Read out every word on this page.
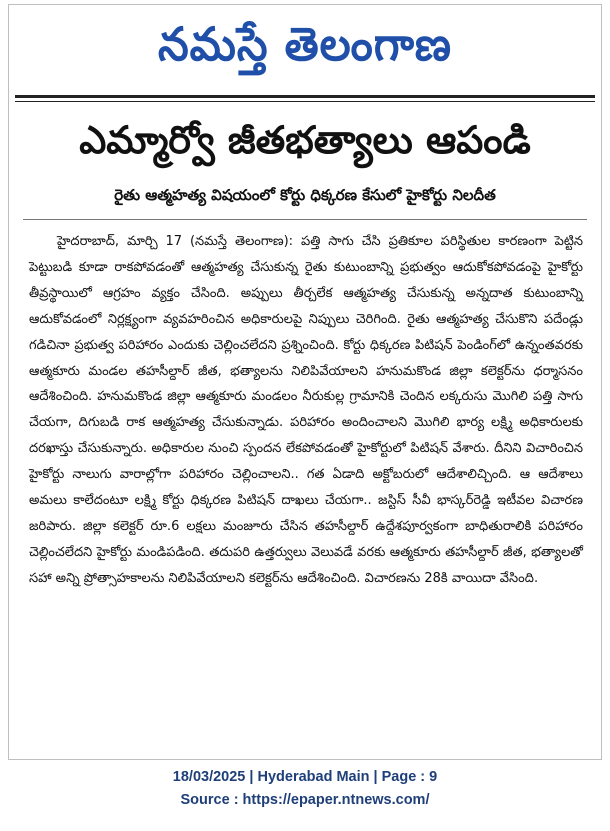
నమస్తే తెలంగాణ
ఎమ్మార్వో జీతభత్యాలు ఆపండి
రైతు ఆత్మహత్య విషయంలో కోర్టు ధిక్కరణ కేసులో హైకోర్టు నిలదీత

హైదరాబాద్‌, మార్చి 17 (నమస్తే తెలంగాణ): పత్తి సాగు చేసి ప్రతికూల పరిస్థితుల కారణంగా పెట్టిన పెట్టుబడి కూడా రాకపోవడంతో ఆత్మహత్య చేసుకున్న రైతు కుటుంబాన్ని ప్రభుత్వం ఆదుకోకపోవడంపై హైకోర్టు తీవ్రస్థాయిలో ఆగ్రహం వ్యక్తం చేసింది. అప్పులు తీర్చలేక ఆత్మహత్య చేసుకున్న అన్నదాత కుటుంబాన్ని ఆదుకోవడంలో నిర్లక్ష్యంగా వ్యవహరించిన అధికారులపై నిప్పులు చెరిగింది. రైతు ఆత్మహత్య చేసుకొని పదేండ్లు గడిచినా ప్రభుత్వ పరిహారం ఎందుకు చెల్లించలేదని ప్రశ్నించింది. కోర్టు ధిక్కరణ పిటిషన్‌ పెండింగ్‌లో ఉన్నంతవరకు ఆత్మకూరు మండల తహసీల్దార్‌ జీత, భత్యాలను నిలిపివేయాలని హనుమకొండ జిల్లా కలెక్టర్‌ను ధర్మాసనం ఆదేశించింది. హనుమకొండ జిల్లా ఆత్మకూరు మండలం నీరుకుల్ల గ్రామానికి చెందిన లక్కరుసు మొగిలి పత్తి సాగు చేయగా, దిగుబడి రాక ఆత్మహత్య చేసుకున్నాడు. పరిహారం అందించాలని మొగిలి భార్య లక్ష్మి అధికారులకు దరఖాస్తు చేసుకున్నారు. అధికారుల నుంచి స్పందన లేకపోవడంతో హైకోర్టులో పిటిషన్‌ వేశారు. దీనిని విచారించిన హైకోర్టు నాలుగు వారాల్లోగా పరిహారం చెల్లించాలని.. గత ఏడాది అక్టోబరులో ఆదేశాలిచ్చింది. ఆ ఆదేశాలు అమలు కాలేదంటూ లక్ష్మి కోర్టు ధిక్కరణ పిటిషన్‌ దాఖలు చేయగా.. జస్టిస్‌ సీవీ భాస్కర్‌రెడ్డి ఇటీవల విచారణ జరిపారు. జిల్లా కలెక్టర్‌ రూ.6 లక్షలు మంజూరు చేసిన తహసీల్దార్‌ ఉద్దేశపూర్వకంగా బాధితురాలికి పరిహారం చెల్లించలేదని హైకోర్టు మండిపడింది. తదుపరి ఉత్తర్వులు వెలువడే వరకు ఆత్మకూరు తహసీల్దార్‌ జీత, భత్యాలతో సహా అన్ని ప్రోత్సాహకాలను నిలిపివేయాలని కలెక్టర్‌ను ఆదేశించింది. విచారణను 28కి వాయిదా వేసింది.

18/03/2025 | Hyderabad Main | Page : 9
Source : https://epaper.ntnews.com/
